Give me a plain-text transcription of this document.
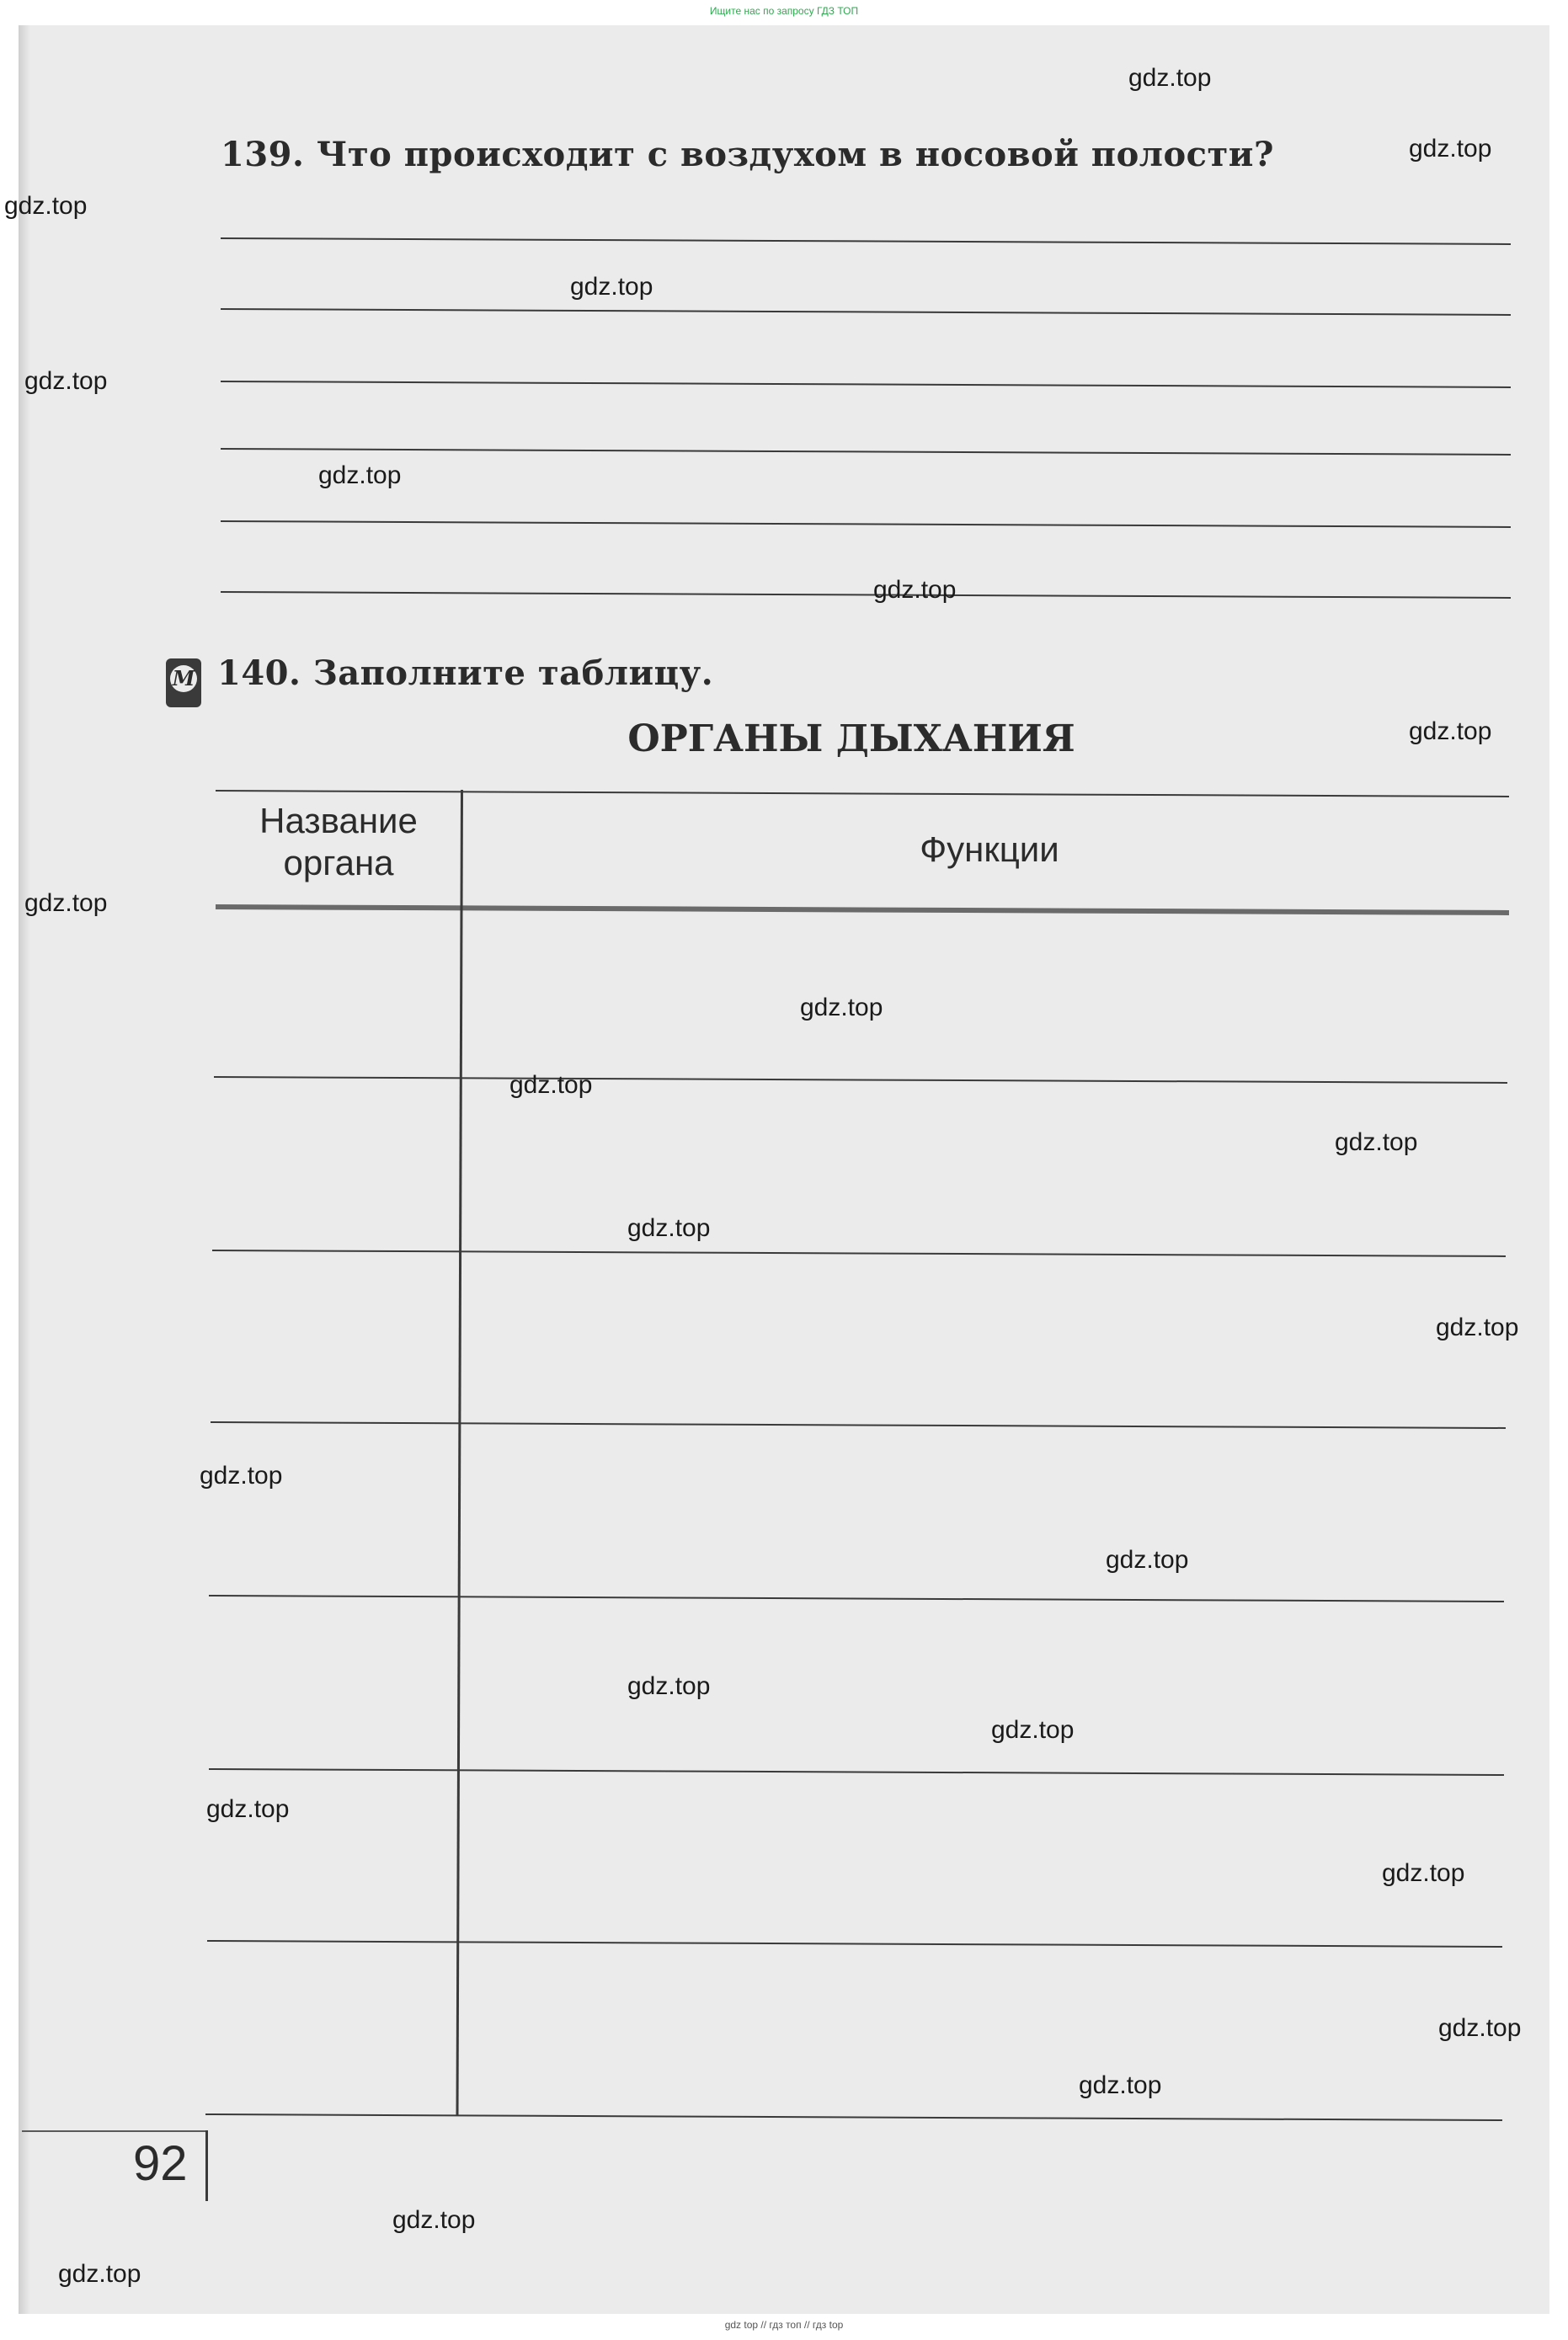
Ищите нас по запросу ГДЗ ТОП
139. Что происходит с воздухом в носовой полости?
М 140. Заполните таблицу.
ОРГАНЫ ДЫХАНИЯ
Название органа	Функции
92
gdz top // гдз топ // гдз top
gdz.top
gdz.top
gdz.top
gdz.top
gdz.top
gdz.top
gdz.top
gdz.top
gdz.top
gdz.top
gdz.top
gdz.top
gdz.top
gdz.top
gdz.top
gdz.top
gdz.top
gdz.top
gdz.top
gdz.top
gdz.top
gdz.top
gdz.top
gdz.top
